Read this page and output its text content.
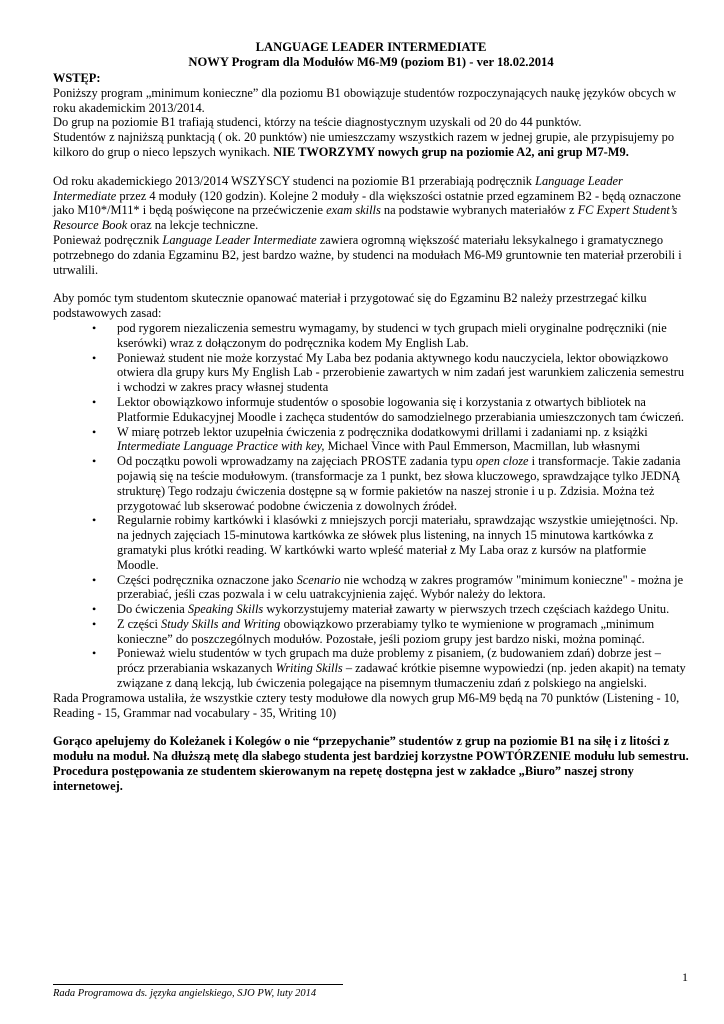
LANGUAGE LEADER INTERMEDIATE
NOWY Program dla Modułów M6-M9 (poziom B1) - ver 18.02.2014
WSTĘP:

Poniższy program „minimum konieczne” dla poziomu B1 obowiązuje studentów rozpoczynających naukę języków obcych w roku akademickim 2013/2014.

Do grup na poziomie B1 trafiają studenci, którzy na teście diagnostycznym uzyskali od 20 do 44 punktów.

Studentów z najniższą punktacją ( ok. 20 punktów) nie umieszczamy wszystkich razem w jednej grupie, ale przypisujemy po kilkoro do grup o nieco lepszych wynikach. NIE TWORZYMY nowych grup na poziomie A2, ani grup M7-M9.

Od roku akademickiego 2013/2014 WSZYSCY studenci na poziomie B1 przerabiają podręcznik Language Leader Intermediate przez 4 moduły (120 godzin). Kolejne 2 moduły - dla większości ostatnie przed egzaminem B2 - będą oznaczone jako M10*/M11* i będą poświęcone na przećwiczenie exam skills na podstawie wybranych materiałów z FC Expert Student’s Resource Book oraz na lekcje techniczne.

Ponieważ podręcznik Language Leader Intermediate zawiera ogromną większość materiału leksykalnego i gramatycznego potrzebnego do zdania Egzaminu B2, jest bardzo ważne, by studenci na modułach M6-M9 gruntownie ten materiał przerobili i utrwalili.

Aby pomóc tym studentom skutecznie opanować materiał i przygotować się do Egzaminu B2 należy przestrzegać kilku podstawowych zasad:

• pod rygorem niezaliczenia semestru wymagamy, by studenci w tych grupach mieli oryginalne podręczniki (nie kserówki) wraz z dołączonym do podręcznika kodem My English Lab.
• Ponieważ student nie może korzystać My Laba bez podania aktywnego kodu nauczyciela, lektor obowiązkowo otwiera dla grupy kurs My English Lab - przerobienie zawartych w nim zadań jest warunkiem zaliczenia semestru i wchodzi w zakres pracy własnej studenta
• Lektor obowiązkowo informuje studentów o sposobie logowania się i korzystania z otwartych bibliotek na Platformie Edukacyjnej Moodle i zachęca studentów do samodzielnego przerabiania umieszczonych tam ćwiczeń.
• W miarę potrzeb lektor uzupełnia ćwiczenia z podręcznika dodatkowymi drillami i zadaniami np. z książki Intermediate Language Practice with key, Michael Vince with Paul Emmerson, Macmillan, lub własnymi
• Od początku powoli wprowadzamy na zajęciach PROSTE zadania typu open cloze i transformacje. Takie zadania pojawią się na teście modułowym. (transformacje za 1 punkt, bez słowa kluczowego, sprawdzające tylko JEDNĄ strukturę) Tego rodzaju ćwiczenia dostępne są w formie pakietów na naszej stronie i u p. Zdzisia. Można też przygotować lub skserować podobne ćwiczenia z dowolnych źródeł.
• Regularnie robimy kartkówki i klasówki z mniejszych porcji materiału, sprawdzając wszystkie umiejętności. Np. na jednych zajęciach 15-minutowa kartkówka ze słówek plus listening, na innych 15 minutowa kartkówka z gramatyki plus krótki reading. W kartkówki warto wpleść materiał z My Laba oraz z kursów na platformie Moodle.
• Części podręcznika oznaczone jako Scenario nie wchodzą w zakres programów "minimum konieczne" - można je przerabiać, jeśli czas pozwala i w celu uatrakcyjnienia zajęć. Wybór należy do lektora.
• Do ćwiczenia Speaking Skills wykorzystujemy materiał zawarty w pierwszych trzech częściach każdego Unitu.
• Z części Study Skills and Writing obowiązkowo przerabiamy tylko te wymienione w programach „minimum konieczne” do poszczególnych modułów. Pozostałe, jeśli poziom grupy jest bardzo niski, można pominąć.
• Ponieważ wielu studentów w tych grupach ma duże problemy z pisaniem, (z budowaniem zdań) dobrze jest – prócz przerabiania wskazanych Writing Skills – zadawać krótkie pisemne wypowiedzi (np. jeden akapit) na tematy związane z daną lekcją, lub ćwiczenia polegające na pisemnym tłumaczeniu zdań z polskiego na angielski.

Rada Programowa ustaliła, że wszystkie cztery testy modułowe dla nowych grup M6-M9 będą na 70 punktów (Listening - 10, Reading - 15, Grammar nad vocabulary - 35, Writing 10)

Gorąco apelujemy do Koleżanek i Kolegów o nie “przepychanie” studentów z grup na poziomie B1 na siłę i z litości z modułu na moduł. Na dłuższą metę dla słabego studenta jest bardziej korzystne POWTÓRZENIE modułu lub semestru. Procedura postępowania ze studentem skierowanym na repetę dostępna jest w zakładce „Biuro” naszej strony internetowej.

1
Rada Programowa ds. języka angielskiego, SJO PW, luty 2014
